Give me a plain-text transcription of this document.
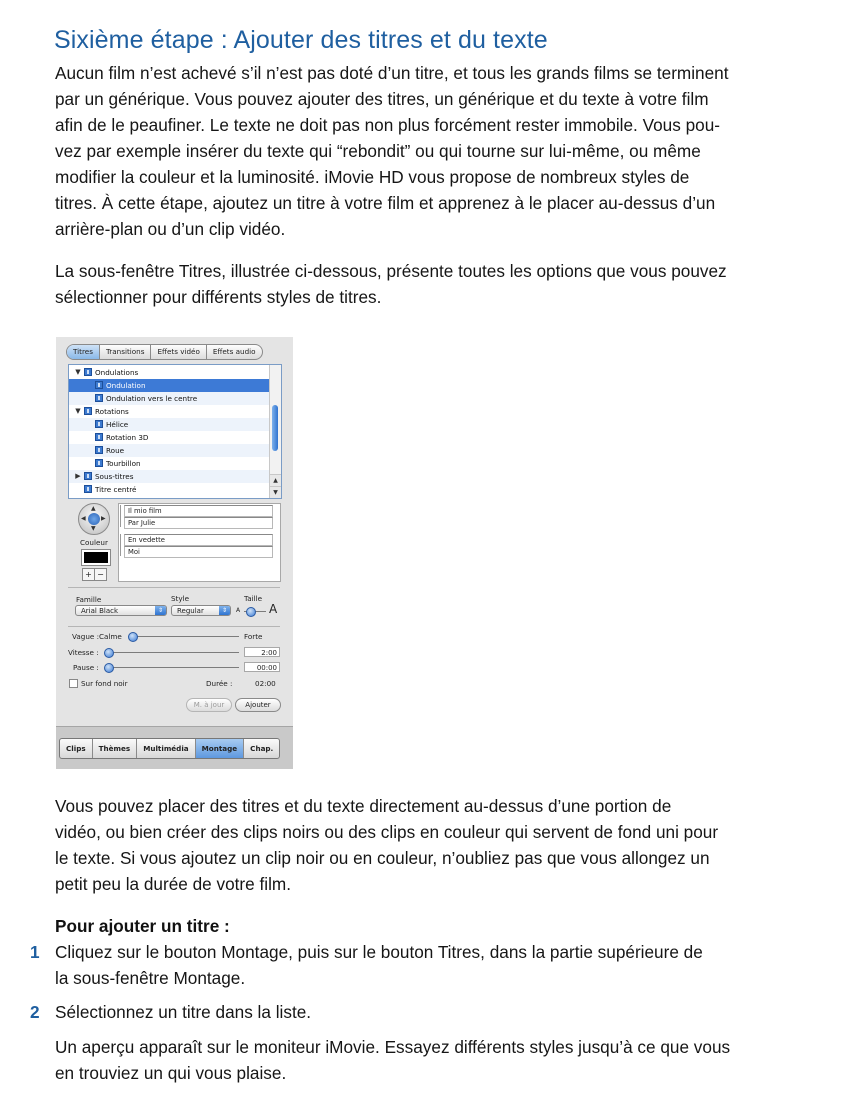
Sixième étape : Ajouter des titres et du texte
Aucun film n’est achevé s’il n’est pas doté d’un titre, et tous les grands films se terminent
par un générique. Vous pouvez ajouter des titres, un générique et du texte à votre film
afin de le peaufiner. Le texte ne doit pas non plus forcément rester immobile. Vous pou-
vez par exemple insérer du texte qui “rebondit” ou qui tourne sur lui-même, ou même
modifier la couleur et la luminosité. iMovie HD vous propose de nombreux styles de
titres. À cette étape, ajoutez un titre à votre film et apprenez à le placer au-dessus d’un
arrière-plan ou d’un clip vidéo.
La sous-fenêtre Titres, illustrée ci-dessous, présente toutes les options que vous pouvez
sélectionner pour différents styles de titres.
Titres	Transitions	Effets vidéo	Effets audio
▼ Ondulations
Ondulation
Ondulation vers le centre
▼ Rotations
Hélice
Rotation 3D
Roue
Tourbillon
▶ Sous-titres
Titre centré
▲
▼
▲
▼
◀	▶
Couleur
+ −
Il mio film
Par Julie
En vedette
Moi
Famille	Style	Taille
Arial Black	⇕	Regular	⇕	A A
Vague :Calme	Forte
Vitesse :	2:00
Pause :	00:00
Sur fond noir	Durée :	02:00
M. à jour	Ajouter
Clips	Thèmes	Multimédia	Montage	Chap.
Vous pouvez placer des titres et du texte directement au-dessus d’une portion de
vidéo, ou bien créer des clips noirs ou des clips en couleur qui servent de fond uni pour
le texte. Si vous ajoutez un clip noir ou en couleur, n’oubliez pas que vous allongez un
petit peu la durée de votre film.
Pour ajouter un titre :
1 Cliquez sur le bouton Montage, puis sur le bouton Titres, dans la partie supérieure de
la sous-fenêtre Montage.
2 Sélectionnez un titre dans la liste.
Un aperçu apparaît sur le moniteur iMovie. Essayez différents styles jusqu’à ce que vous
en trouviez un qui vous plaise.
